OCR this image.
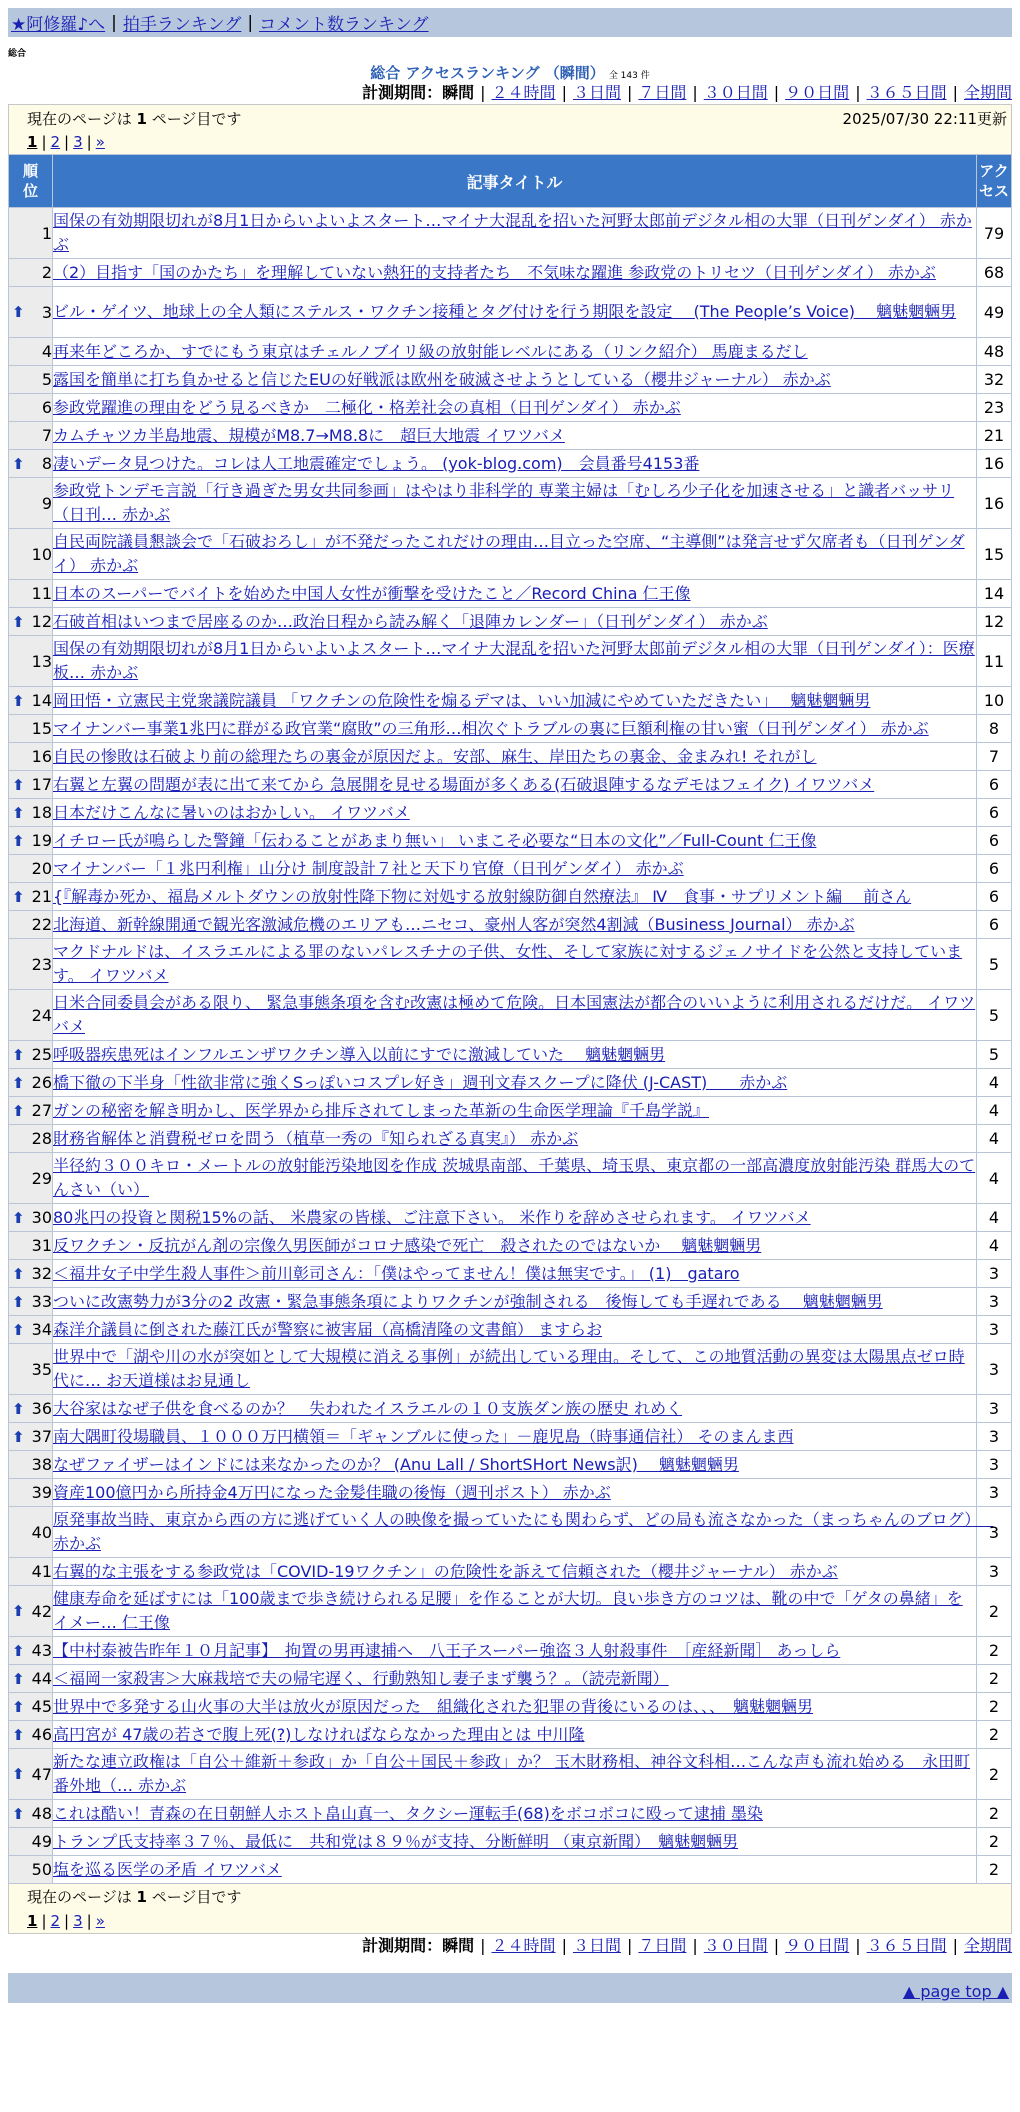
★阿修羅♪へ | 拍手ランキング | コメント数ランキング
総合
総合 アクセスランキング （瞬間） 全 143 件
計測期間：瞬間 | ２４時間 | ３日間 | ７日間 | ３０日間 | ９０日間 | ３６５日間 | 全期間
現在のページは 1 ページ目です	2025/07/30 22:11更新
1 | 2 | 3 | »
順
位	記事タイトル	アク
セス
1	国保の有効期限切れが8月1日からいよいよスタート…マイナ大混乱を招いた河野太郎前デジタル相の大罪（日刊ゲンダイ） 赤かぶ	79
2	（2）目指す「国のかたち」を理解していない熱狂的支持者たち　不気味な躍進 参政党のトリセツ（日刊ゲンダイ） 赤かぶ	68

⬆ 3	ビル・ゲイツ、地球上の全人類にステルス・ワクチン接種とタグ付けを行う期限を設定　 (The People’s Voice)　 魑魅魍魎男	49
4	再来年どころか、すでにもう東京はチェルノブイリ級の放射能レベルにある（リンク紹介） 馬鹿まるだし	48
5	露国を簡単に打ち負かせると信じたEUの好戦派は欧州を破滅させようとしている（櫻井ジャーナル） 赤かぶ	32
6	参政党躍進の理由をどう見るべきか　二極化・格差社会の真相（日刊ゲンダイ） 赤かぶ	23
7	カムチャツカ半島地震、規模がM8.7→M8.8に　超巨大地震 イワツバメ	21

⬆ 8	凄いデータ見つけた。コレは人工地震確定でしょう。 (yok-blog.com)　会員番号4153番	16
9	参政党トンデモ言説「行き過ぎた男女共同参画」はやはり非科学的 専業主婦は「むしろ少子化を加速させる」と識者バッサリ（日刊… 赤かぶ	16
10	自民両院議員懇談会で「石破おろし」が不発だったこれだけの理由…目立った空席、“主導側”は発言せず欠席者も（日刊ゲンダイ） 赤かぶ	15
11	日本のスーパーでバイトを始めた中国人女性が衝撃を受けたこと／Record China 仁王像	14

⬆ 12	石破首相はいつまで居座るのか…政治日程から読み解く「退陣カレンダー」（日刊ゲンダイ） 赤かぶ	12
13	国保の有効期限切れが8月1日からいよいよスタート…マイナ大混乱を招いた河野太郎前デジタル相の大罪（日刊ゲンダイ）：医療板… 赤かぶ	11

⬆ 14	岡田悟・立憲民主党衆議院議員 「ワクチンの危険性を煽るデマは、いい加減にやめていただきたい」　 魑魅魍魎男	10
15	マイナンバー事業1兆円に群がる政官業“腐敗”の三角形…相次ぐトラブルの裏に巨額利権の甘い蜜（日刊ゲンダイ） 赤かぶ	8
16	自民の惨敗は石破より前の総理たちの裏金が原因だよ。安部、麻生、岸田たちの裏金、金まみれ! それがし	7

⬆ 17	右翼と左翼の問題が表に出て来てから 急展開を見せる場面が多くある(石破退陣するなデモはフェイク) イワツバメ	6

⬆ 18	日本だけこんなに暑いのはおかしい。 イワツバメ	6

⬆ 19	イチロー氏が鳴らした警鐘「伝わることがあまり無い」 いまこそ必要な“日本の文化”／Full-Count 仁王像	6
20	マイナンバー「１兆円利権」山分け 制度設計７社と天下り官僚（日刊ゲンダイ） 赤かぶ	6

⬆ 21	{『解毒か死か、福島メルトダウンの放射性降下物に対処する放射線防御自然療法』 Ⅳ　食事・サプリメント編　 前さん	6
22	北海道、新幹線開通で観光客激減危機のエリアも…ニセコ、豪州人客が突然4割減（Business Journal） 赤かぶ	6
23	マクドナルドは、イスラエルによる罪のないパレスチナの子供、女性、そして家族に対するジェノサイドを公然と支持しています。 イワツバメ	5
24	日米合同委員会がある限り、 緊急事態条項を含む改憲は極めて危険。日本国憲法が都合のいいように利用されるだけだ。 イワツバメ	5

⬆ 25	呼吸器疾患死はインフルエンザワクチン導入以前にすでに激減していた　 魑魅魍魎男	5

⬆ 26	橋下徹の下半身「性欲非常に強くSっぽいコスプレ好き」週刊文春スクープに降伏 (J-CAST)　　赤かぶ	4

⬆ 27	ガンの秘密を解き明かし、医学界から排斥されてしまった革新の生命医学理論『千島学説』	4
28	財務省解体と消費税ゼロを問う（植草一秀の『知られざる真実』） 赤かぶ	4
29	半径約３００キロ・メートルの放射能汚染地図を作成 茨城県南部、千葉県、埼玉県、東京都の一部高濃度放射能汚染 群馬大のてんさい（い）	4

⬆ 30	80兆円の投資と関税15%の話、 米農家の皆様、ご注意下さい。 米作りを辞めさせられます。 イワツバメ	4
31	反ワクチン・反抗がん剤の宗像久男医師がコロナ感染で死亡　殺されたのではないか　 魑魅魍魎男	4

⬆ 32	＜福井女子中学生殺人事件＞前川彰司さん：「僕はやってません！僕は無実です。」 (1)　gataro	3

⬆ 33	ついに改憲勢力が3分の2 改憲・緊急事態条項によりワクチンが強制される　後悔しても手遅れである　 魑魅魍魎男	3

⬆ 34	森洋介議員に倒された藤江氏が警察に被害届（高橋清隆の文書館） ますらお	3
35	世界中で「湖や川の水が突如として大規模に消える事例」が続出している理由。そして、この地質活動の異変は太陽黒点ゼロ時代に… お天道様はお見通し	3

⬆ 36	大谷家はなぜ子供を食べるのか？　失われたイスラエルの１０支族ダン族の歴史 れめく	3

⬆ 37	南大隅町役場職員、１０００万円横領＝「ギャンブルに使った」－鹿児島（時事通信社） そのまんま西	3
38	なぜファイザーはインドには来なかったのか？ (Anu Lall / ShortSHort News訳)　 魑魅魍魎男	3
39	資産100億円から所持金4万円になった金髪佳職の後悔（週刊ポスト） 赤かぶ	3
40	原発事故当時、東京から西の方に逃げていく人の映像を撮っていたにも関わらず、どの局も流さなかった（まっちゃんのブログ）　 赤かぶ	3
41	右翼的な主張をする参政党は「COVID-19ワクチン」の危険性を訴えて信頼された（櫻井ジャーナル） 赤かぶ	3

⬆ 42	健康寿命を延ばすには「100歳まで歩き続けられる足腰」を作ることが大切。良い歩き方のコツは、靴の中で「ゲタの鼻緒」をイメー… 仁王像	2

⬆ 43	【中村泰被告昨年１０月記事】　拘置の男再逮捕へ　八王子スーパー強盗３人射殺事件　［産経新聞］ あっしら	2

⬆ 44	＜福岡一家殺害＞大麻栽培で夫の帰宅遅く、行動熟知し妻子まず襲う？。（読売新聞）	2

⬆ 45	世界中で多発する山火事の大半は放火が原因だった　組織化された犯罪の背後にいるのは、、、　魑魅魍魎男	2

⬆ 46	高円宮が 47歳の若さで腹上死(?)しなければならなかった理由とは 中川隆	2

⬆ 47	新たな連立政権は「自公＋維新＋参政」か「自公＋国民＋参政」か？ 玉木財務相、神谷文科相…こんな声も流れ始める　永田町番外地（… 赤かぶ	2

⬆ 48	これは酷い！青森の在日朝鮮人ホスト畠山真一、タクシー運転手(68)をボコボコに殴って逮捕 墨染	2
49	トランプ氏支持率３７％、最低に　共和党は８９％が支持、分断鮮明 （東京新聞）　魑魅魍魎男	2
50	塩を巡る医学の矛盾 イワツバメ	2
現在のページは 1 ページ目です
1 | 2 | 3 | »
計測期間：瞬間 | ２４時間 | ３日間 | ７日間 | ３０日間 | ９０日間 | ３６５日間 | 全期間
▲ page top ▲
